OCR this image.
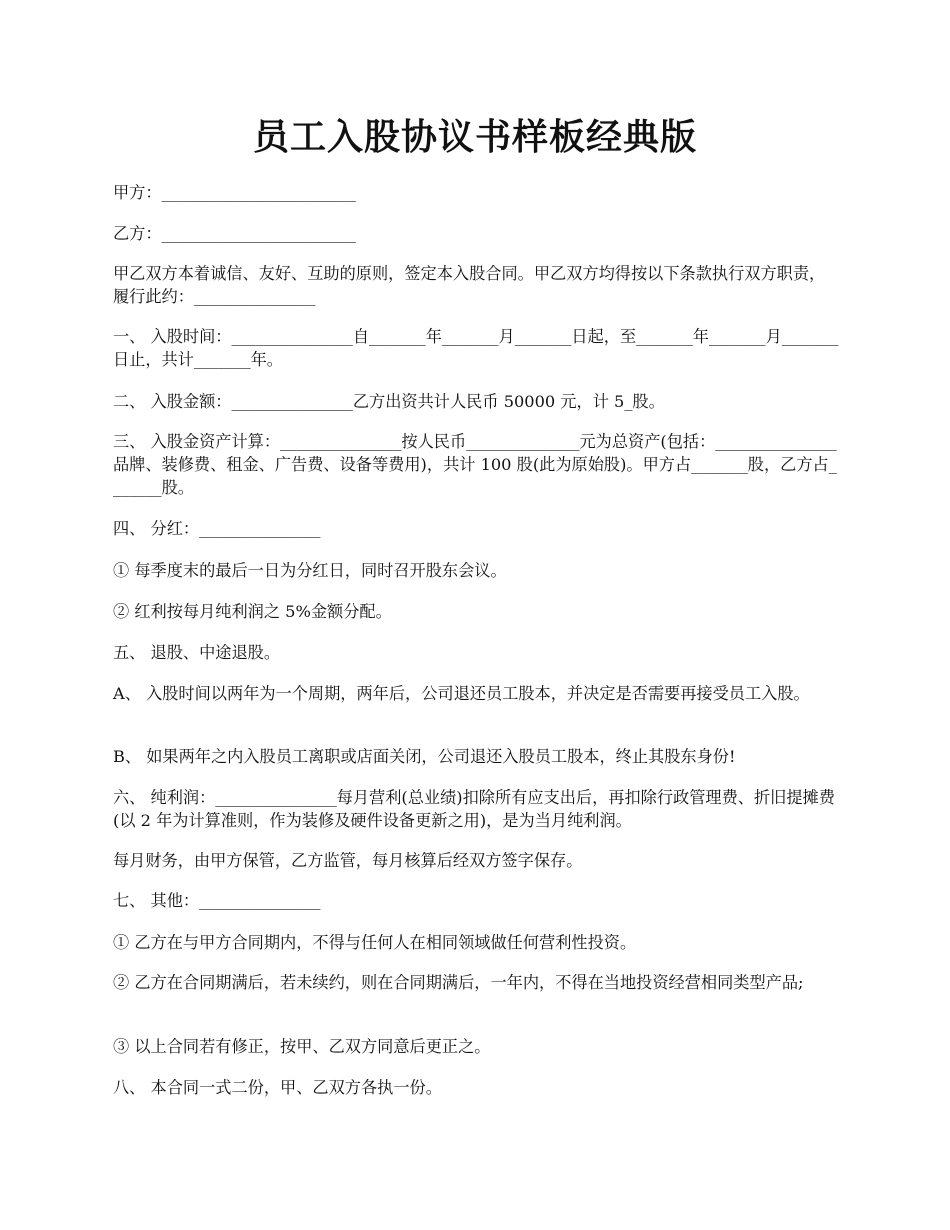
员工入股协议书样板经典版

甲方：________________________

乙方：________________________

甲乙双方本着诚信、友好、互助的原则，签定本入股合同。甲乙双方均得按以下条款执行双方职责，履行此约：_______________

一、 入股时间：_______________自_______年_______月_______日起，至_______年_______月_______日止，共计_______年。

二、 入股金额：_______________乙方出资共计人民币 50000 元，计 5_股。

三、 入股金资产计算：_______________按人民币______________元为总资产(包括：_______________品牌、装修费、租金、广告费、设备等费用)，共计 100 股(此为原始股)。甲方占_______股，乙方占_______股。

四、 分红：_______________

① 每季度末的最后一日为分红日，同时召开股东会议。

② 红利按每月纯利润之 5%金额分配。

五、 退股、中途退股。

A、 入股时间以两年为一个周期，两年后，公司退还员工股本，并决定是否需要再接受员工入股。

B、 如果两年之内入股员工离职或店面关闭，公司退还入股员工股本，终止其股东身份!

六、 纯利润：_______________每月营利(总业绩)扣除所有应支出后，再扣除行政管理费、折旧提摊费(以 2 年为计算准则，作为装修及硬件设备更新之用)，是为当月纯利润。

每月财务，由甲方保管，乙方监管，每月核算后经双方签字保存。

七、 其他：_______________

① 乙方在与甲方合同期内，不得与任何人在相同领域做任何营利性投资。

② 乙方在合同期满后，若未续约，则在合同期满后，一年内，不得在当地投资经营相同类型产品;

③ 以上合同若有修正，按甲、乙双方同意后更正之。

八、 本合同一式二份，甲、乙双方各执一份。
